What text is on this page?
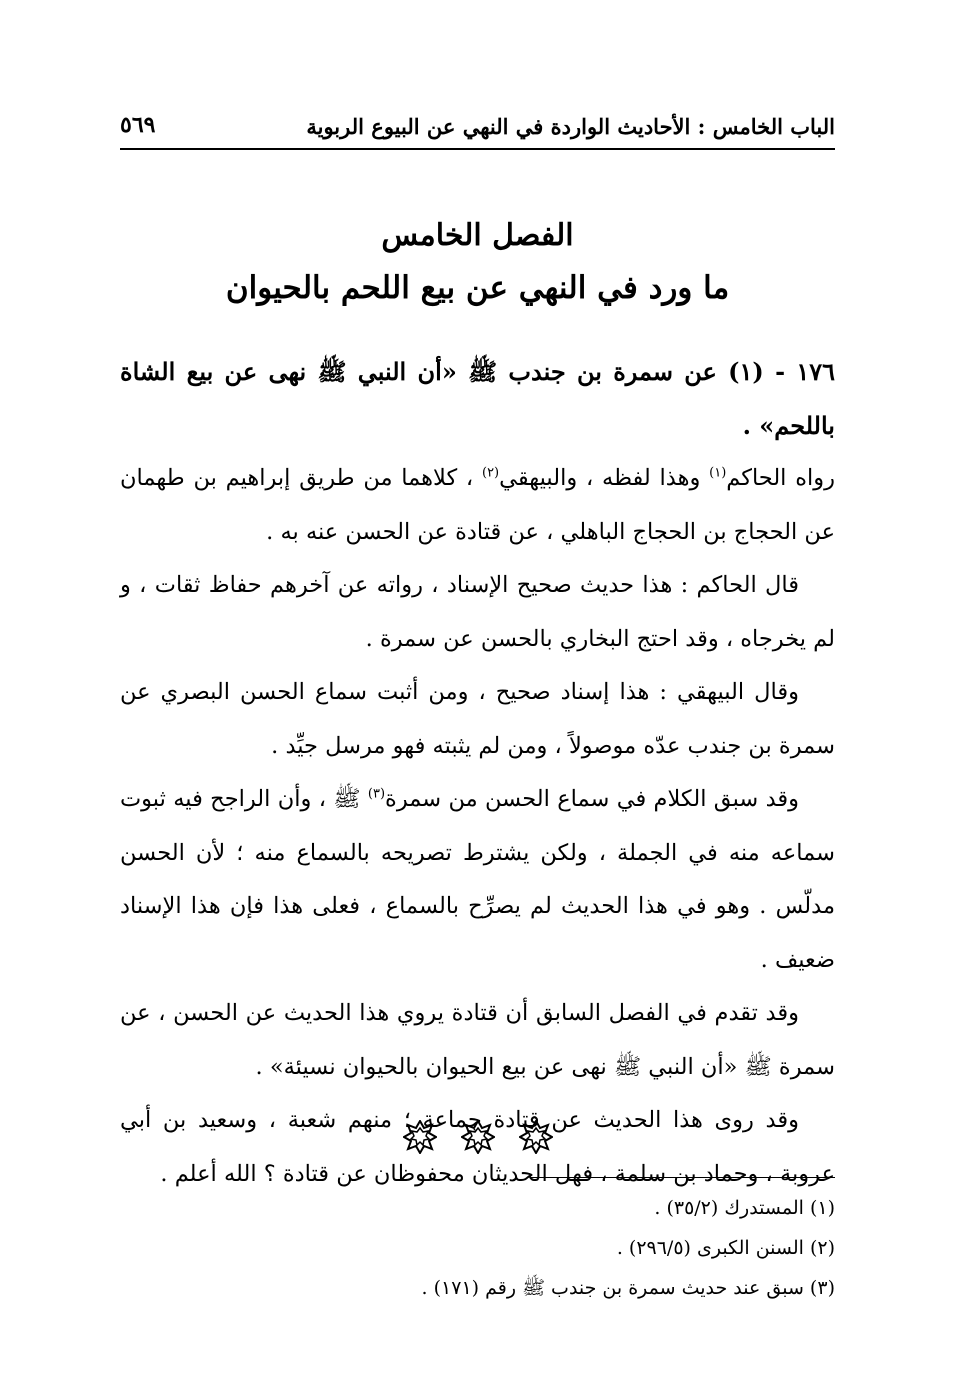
الباب الخامس : الأحاديث الواردة في النهي عن البيوع الربوية
٥٦٩
الفصل الخامس
ما ورد في النهي عن بيع اللحم بالحيوان

١٧٦ - (١) عن سمرة بن جندب ﷺ «أن النبي ﷺ نهى عن بيع الشاة باللحم» .

رواه الحاكم$^{(١)}$ وهذا لفظه ، والبيهقي$^{(٢)}$ ، كلاهما من طريق إبراهيم بن طهمان عن الحجاج بن الحجاج الباهلي ، عن قتادة عن الحسن عنه به .

قال الحاكم : هذا حديث صحيح الإسناد ، رواته عن آخرهم حفاظ ثقات ، و لم يخرجاه ، وقد احتج البخاري بالحسن عن سمرة .

وقال البيهقي : هذا إسناد صحيح ، ومن أثبت سماع الحسن البصري عن سمرة بن جندب عدّه موصولاً ، ومن لم يثبته فهو مرسل جيِّد .

وقد سبق الكلام في سماع الحسن من سمرة$^{(٣)}$ ﷺ ، وأن الراجح فيه ثبوت سماعه منه في الجملة ، ولكن يشترط تصريحه بالسماع منه ؛ لأن الحسن مدلّس . وهو في هذا الحديث لم يصرِّح بالسماع ، فعلى هذا فإن هذا الإسناد ضعيف .

وقد تقدم في الفصل السابق أن قتادة يروي هذا الحديث عن الحسن ، عن سمرة ﷺ «أن النبي ﷺ نهى عن بيع الحيوان بالحيوان نسيئة» .

وقد روى هذا الحديث عن قتادة جماعة ؛ منهم شعبة ، وسعيد بن أبي عروبة ، وحماد بن سلمة ، فهل الحديثان محفوظان عن قتادة ؟ الله أعلم .

(١) المستدرك (٣٥/٢) .

(٢) السنن الكبرى (٢٩٦/٥) .

(٣) سبق عند حديث سمرة بن جندب ﷺ رقم (١٧١) .
